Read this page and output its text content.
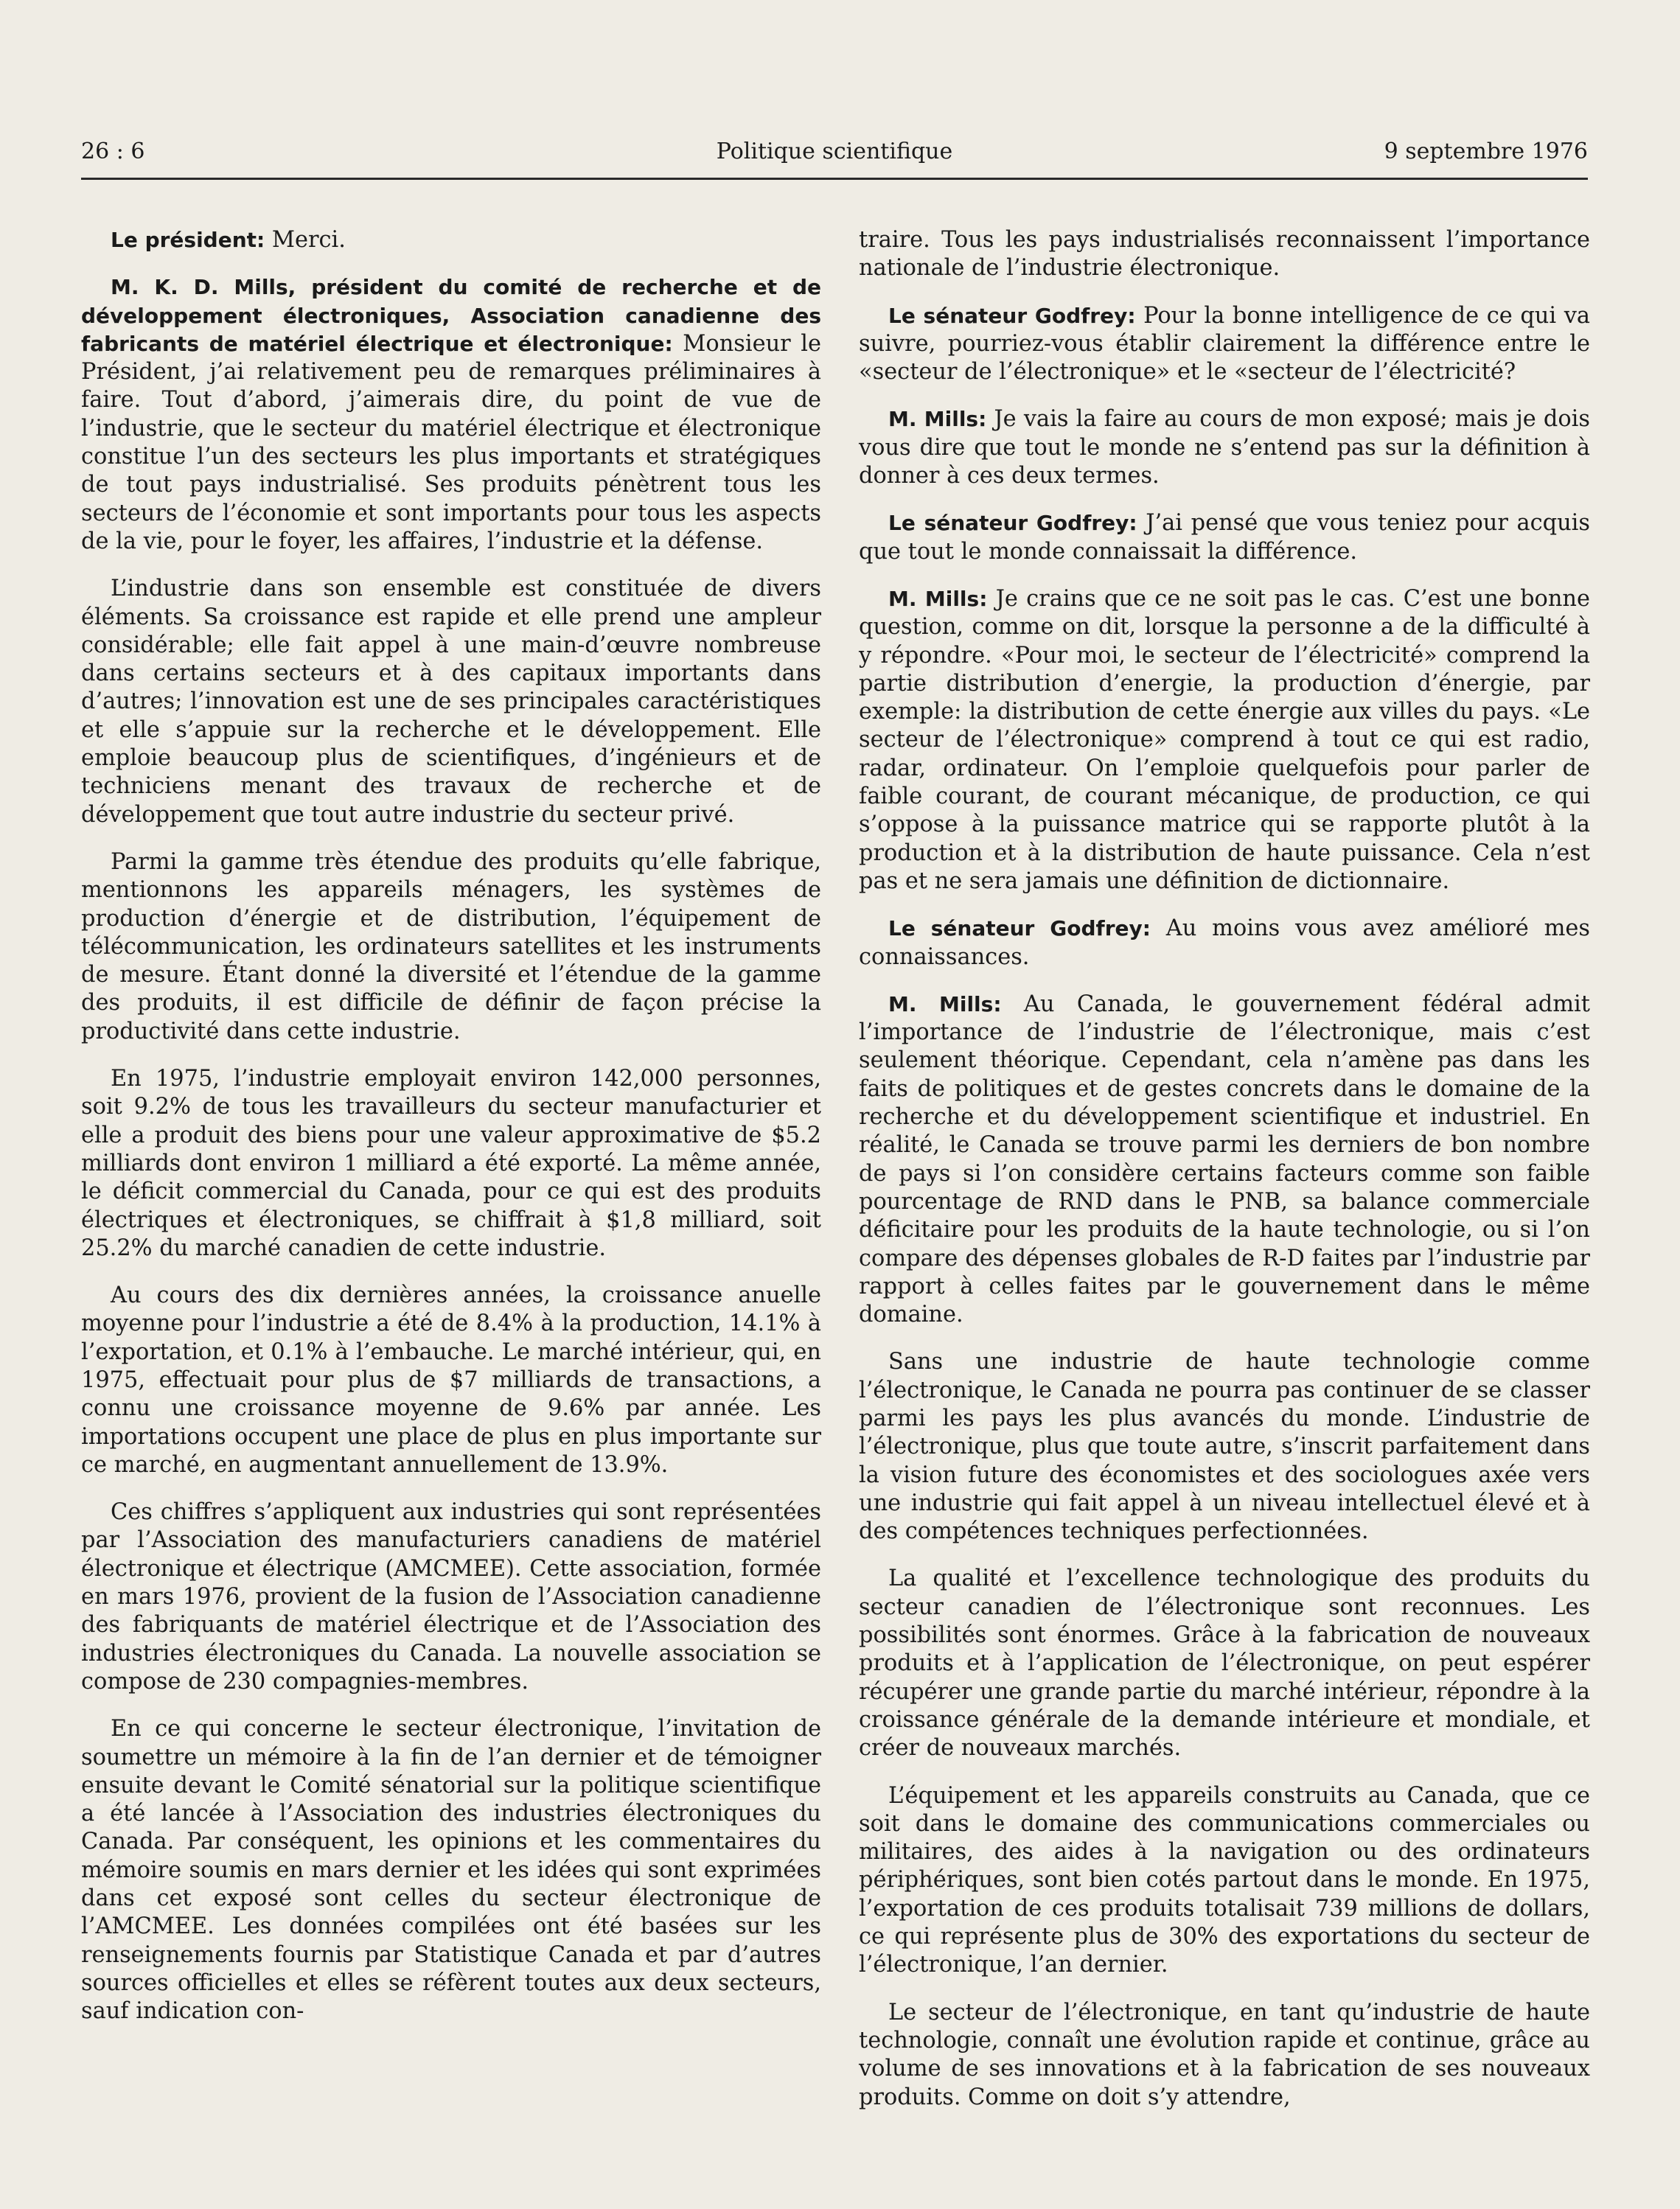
26 : 6	Politique scientifique	9 septembre 1976

Le président: Merci.

M. K. D. Mills, président du comité de recherche et de développement électroniques, Association canadienne des fabricants de matériel électrique et électronique: Monsieur le Président, j’ai relativement peu de remarques préliminaires à faire. Tout d’abord, j’aimerais dire, du point de vue de l’industrie, que le secteur du matériel électrique et électronique constitue l’un des secteurs les plus importants et stratégiques de tout pays industrialisé. Ses produits pénètrent tous les secteurs de l’économie et sont importants pour tous les aspects de la vie, pour le foyer, les affaires, l’industrie et la défense.

L’industrie dans son ensemble est constituée de divers éléments. Sa croissance est rapide et elle prend une ampleur considérable; elle fait appel à une main-d’œuvre nombreuse dans certains secteurs et à des capitaux importants dans d’autres; l’innovation est une de ses principales caractéristiques et elle s’appuie sur la recherche et le développement. Elle emploie beaucoup plus de scientifiques, d’ingénieurs et de techniciens menant des travaux de recherche et de développement que tout autre industrie du secteur privé.

Parmi la gamme très étendue des produits qu’elle fabrique, mentionnons les appareils ménagers, les systèmes de production d’énergie et de distribution, l’équipement de télécommunication, les ordinateurs satellites et les instruments de mesure. Étant donné la diversité et l’étendue de la gamme des produits, il est difficile de définir de façon précise la productivité dans cette industrie.

En 1975, l’industrie employait environ 142,000 personnes, soit 9.2% de tous les travailleurs du secteur manufacturier et elle a produit des biens pour une valeur approximative de $5.2 milliards dont environ 1 milliard a été exporté. La même année, le déficit commercial du Canada, pour ce qui est des produits électriques et électroniques, se chiffrait à $1,8 milliard, soit 25.2% du marché canadien de cette industrie.

Au cours des dix dernières années, la croissance anuelle moyenne pour l’industrie a été de 8.4% à la production, 14.1% à l’exportation, et 0.1% à l’embauche. Le marché intérieur, qui, en 1975, effectuait pour plus de $7 milliards de transactions, a connu une croissance moyenne de 9.6% par année. Les importations occupent une place de plus en plus importante sur ce marché, en augmentant annuellement de 13.9%.

Ces chiffres s’appliquent aux industries qui sont représentées par l’Association des manufacturiers canadiens de matériel électronique et électrique (AMCMEE). Cette association, formée en mars 1976, provient de la fusion de l’Association canadienne des fabriquants de matériel électrique et de l’Association des industries électroniques du Canada. La nouvelle association se compose de 230 compagnies-membres.

En ce qui concerne le secteur électronique, l’invitation de soumettre un mémoire à la fin de l’an dernier et de témoigner ensuite devant le Comité sénatorial sur la politique scientifique a été lancée à l’Association des industries électroniques du Canada. Par conséquent, les opinions et les commentaires du mémoire soumis en mars dernier et les idées qui sont exprimées dans cet exposé sont celles du secteur électronique de l’AMCMEE. Les données compilées ont été basées sur les renseignements fournis par Statistique Canada et par d’autres sources officielles et elles se réfèrent toutes aux deux secteurs, sauf indication con-

traire. Tous les pays industrialisés reconnaissent l’importance nationale de l’industrie électronique.

Le sénateur Godfrey: Pour la bonne intelligence de ce qui va suivre, pourriez-vous établir clairement la différence entre le «secteur de l’électronique» et le «secteur de l’électricité?

M. Mills: Je vais la faire au cours de mon exposé; mais je dois vous dire que tout le monde ne s’entend pas sur la définition à donner à ces deux termes.

Le sénateur Godfrey: J’ai pensé que vous teniez pour acquis que tout le monde connaissait la différence.

M. Mills: Je crains que ce ne soit pas le cas. C’est une bonne question, comme on dit, lorsque la personne a de la difficulté à y répondre. «Pour moi, le secteur de l’électricité» comprend la partie distribution d’energie, la production d’énergie, par exemple: la distribution de cette énergie aux villes du pays. «Le secteur de l’électronique» comprend à tout ce qui est radio, radar, ordinateur. On l’emploie quelquefois pour parler de faible courant, de courant mécanique, de production, ce qui s’oppose à la puissance matrice qui se rapporte plutôt à la production et à la distribution de haute puissance. Cela n’est pas et ne sera jamais une définition de dictionnaire.

Le sénateur Godfrey: Au moins vous avez amélioré mes connaissances.

M. Mills: Au Canada, le gouvernement fédéral admit l’importance de l’industrie de l’électronique, mais c’est seulement théorique. Cependant, cela n’amène pas dans les faits de politiques et de gestes concrets dans le domaine de la recherche et du développement scientifique et industriel. En réalité, le Canada se trouve parmi les derniers de bon nombre de pays si l’on considère certains facteurs comme son faible pourcentage de RND dans le PNB, sa balance commerciale déficitaire pour les produits de la haute technologie, ou si l’on compare des dépenses globales de R-D faites par l’industrie par rapport à celles faites par le gouvernement dans le même domaine.

Sans une industrie de haute technologie comme l’électronique, le Canada ne pourra pas continuer de se classer parmi les pays les plus avancés du monde. L’industrie de l’électronique, plus que toute autre, s’inscrit parfaitement dans la vision future des économistes et des sociologues axée vers une industrie qui fait appel à un niveau intellectuel élevé et à des compétences techniques perfectionnées.

La qualité et l’excellence technologique des produits du secteur canadien de l’électronique sont reconnues. Les possibilités sont énormes. Grâce à la fabrication de nouveaux produits et à l’application de l’électronique, on peut espérer récupérer une grande partie du marché intérieur, répondre à la croissance générale de la demande intérieure et mondiale, et créer de nouveaux marchés.

L’équipement et les appareils construits au Canada, que ce soit dans le domaine des communications commerciales ou militaires, des aides à la navigation ou des ordinateurs périphériques, sont bien cotés partout dans le monde. En 1975, l’exportation de ces produits totalisait 739 millions de dollars, ce qui représente plus de 30% des exportations du secteur de l’électronique, l’an dernier.

Le secteur de l’électronique, en tant qu’industrie de haute technologie, connaît une évolution rapide et continue, grâce au volume de ses innovations et à la fabrication de ses nouveaux produits. Comme on doit s’y attendre,
